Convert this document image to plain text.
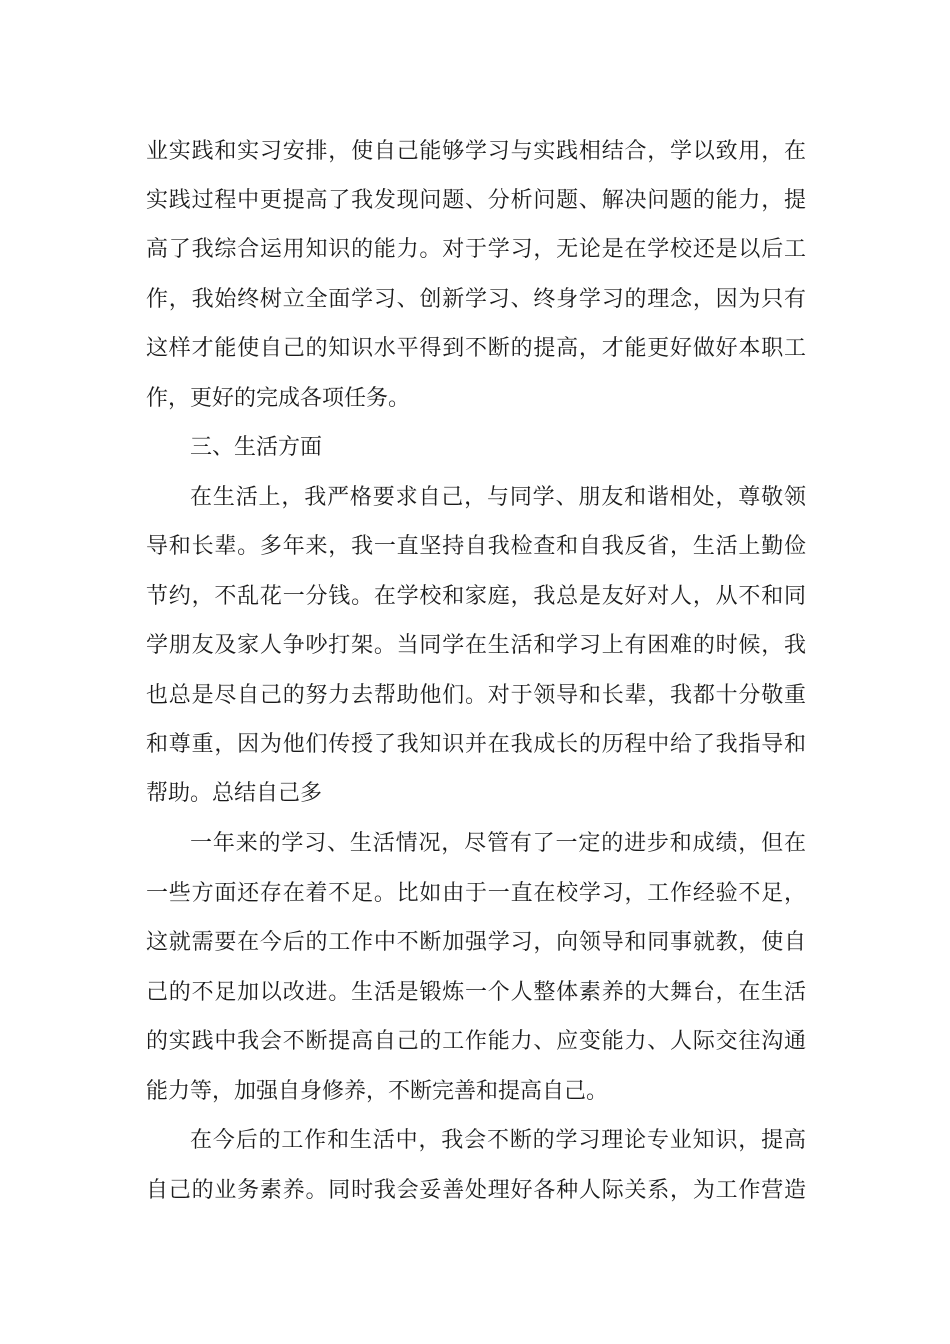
业实践和实习安排，使自己能够学习与实践相结合，学以致用，在

实践过程中更提高了我发现问题、分析问题、解决问题的能力，提

高了我综合运用知识的能力。对于学习，无论是在学校还是以后工

作，我始终树立全面学习、创新学习、终身学习的理念，因为只有

这样才能使自己的知识水平得到不断的提高，才能更好做好本职工

作，更好的完成各项任务。

三、生活方面

在生活上，我严格要求自己，与同学、朋友和谐相处，尊敬领

导和长辈。多年来，我一直坚持自我检查和自我反省，生活上勤俭

节约，不乱花一分钱。在学校和家庭，我总是友好对人，从不和同

学朋友及家人争吵打架。当同学在生活和学习上有困难的时候，我

也总是尽自己的努力去帮助他们。对于领导和长辈，我都十分敬重

和尊重，因为他们传授了我知识并在我成长的历程中给了我指导和

帮助。总结自己多

一年来的学习、生活情况，尽管有了一定的进步和成绩，但在

一些方面还存在着不足。比如由于一直在校学习，工作经验不足，

这就需要在今后的工作中不断加强学习，向领导和同事就教，使自

己的不足加以改进。生活是锻炼一个人整体素养的大舞台，在生活

的实践中我会不断提高自己的工作能力、应变能力、人际交往沟通

能力等，加强自身修养，不断完善和提高自己。

在今后的工作和生活中，我会不断的学习理论专业知识，提高

自己的业务素养。同时我会妥善处理好各种人际关系，为工作营造
